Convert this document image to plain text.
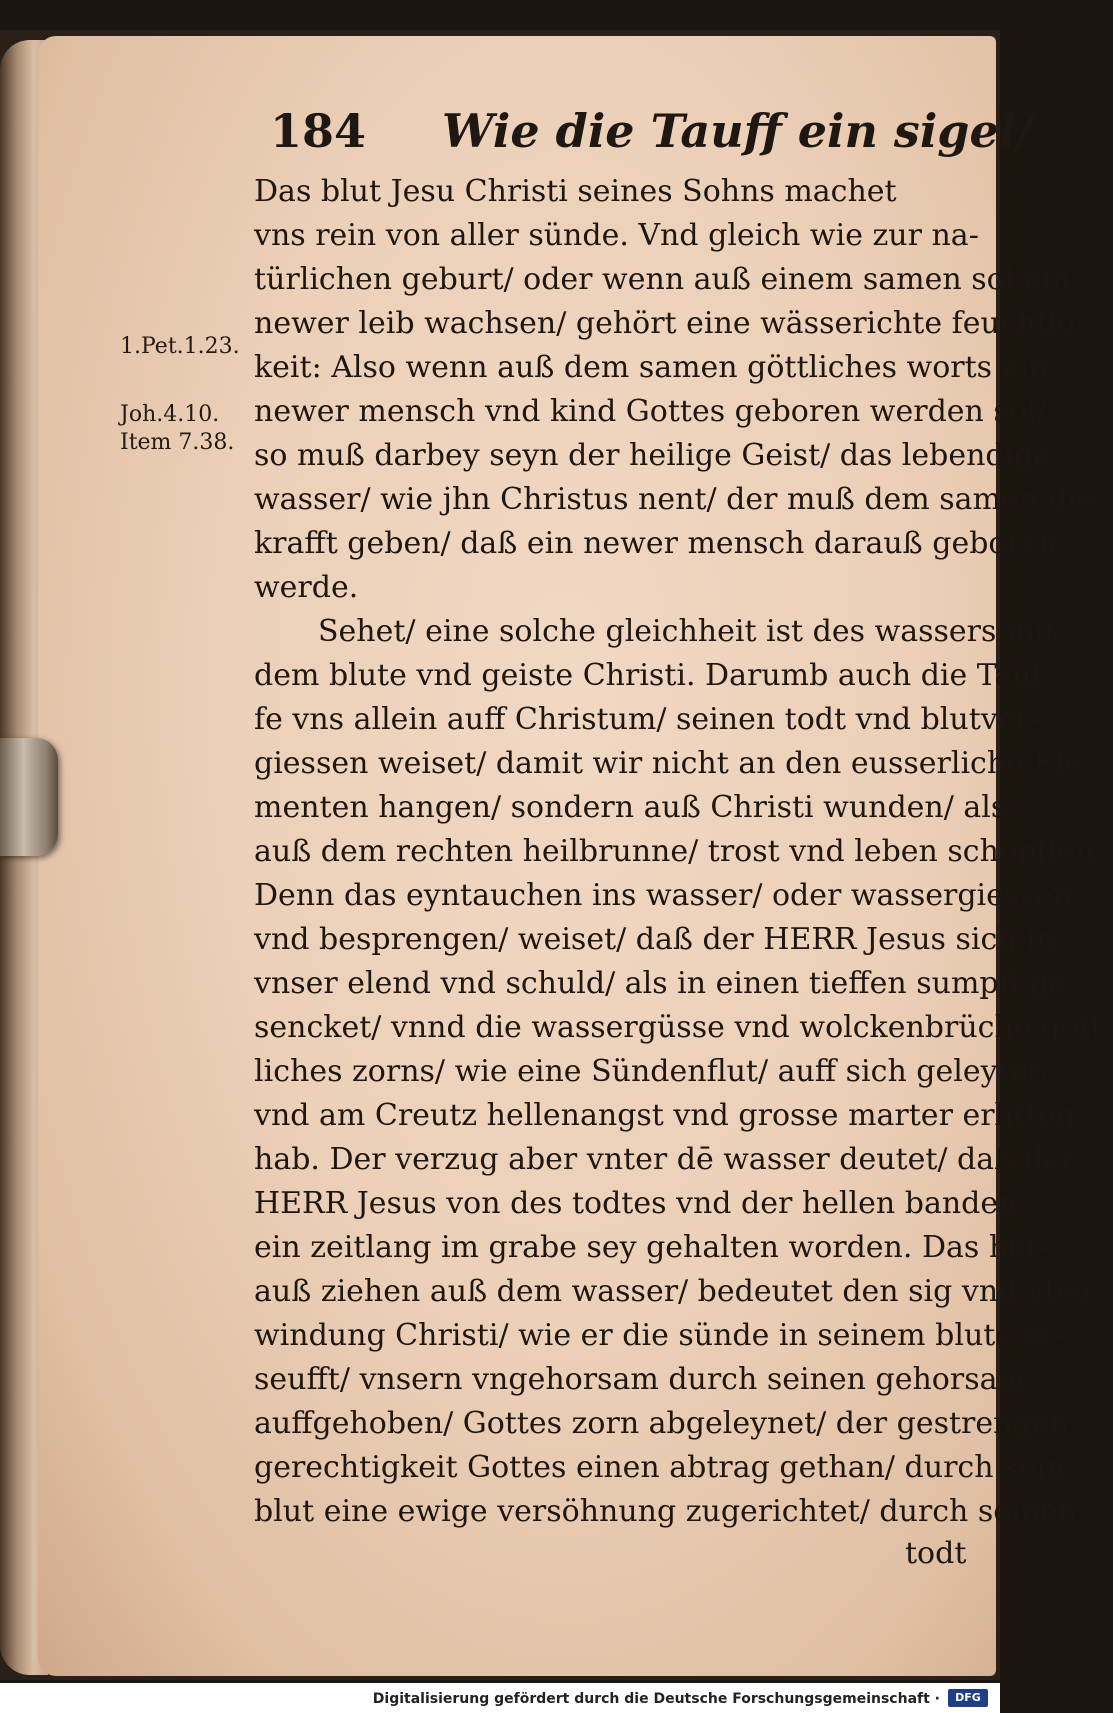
184 Wie die Tauff ein sigel/
1.Pet.1.23.
Joh.4.10.
Item 7.38.
Das blut Jesu Christi seines Sohns machet
vns rein von aller sünde. Vnd gleich wie zur na-
türlichen geburt/ oder wenn auß einem samen sol ein
newer leib wachsen/ gehört eine wässerichte feuchtig-
keit: Also wenn auß dem samen göttliches worts ein
newer mensch vnd kind Gottes geboren werden sol/
so muß darbey seyn der heilige Geist/ das lebendige
wasser/ wie jhn Christus nent/ der muß dem samen die
krafft geben/ daß ein newer mensch darauß geboren
werde.
Sehet/ eine solche gleichheit ist des wassers mit
dem blute vnd geiste Christi. Darumb auch die Tauf-
fe vns allein auff Christum/ seinen todt vnd blutver-
giessen weiset/ damit wir nicht an den eusserliche Ele-
menten hangen/ sondern auß Christi wunden/ als
auß dem rechten heilbrunne/ trost vnd leben schöpffen.
Denn das eyntauchen ins wasser/ oder wassergiessen
vnd besprengen/ weiset/ daß der HERR Jesus sich in
vnser elend vnd schuld/ als in einen tieffen sumpff ge-
sencket/ vnnd die wassergüsse vnd wolckenbrüche gött-
liches zorns/ wie eine Sündenflut/ auff sich geleytet/
vnd am Creutz hellenangst vnd grosse marter erlitten
hab. Der verzug aber vnter dē wasser deutet/ daß der
HERR Jesus von des todtes vnd der hellen banden
ein zeitlang im grabe sey gehalten worden. Das her-
auß ziehen auß dem wasser/ bedeutet den sig vnd vber-
windung Christi/ wie er die sünde in seinem blute er-
seufft/ vnsern vngehorsam durch seinen gehorsam
auffgehoben/ Gottes zorn abgeleynet/ der gestrengen
gerechtigkeit Gottes einen abtrag gethan/ durch sein
blut eine ewige versöhnung zugerichtet/ durch seinen
todt
Digitalisierung gefördert durch die Deutsche Forschungsgemeinschaft ·	DFG
